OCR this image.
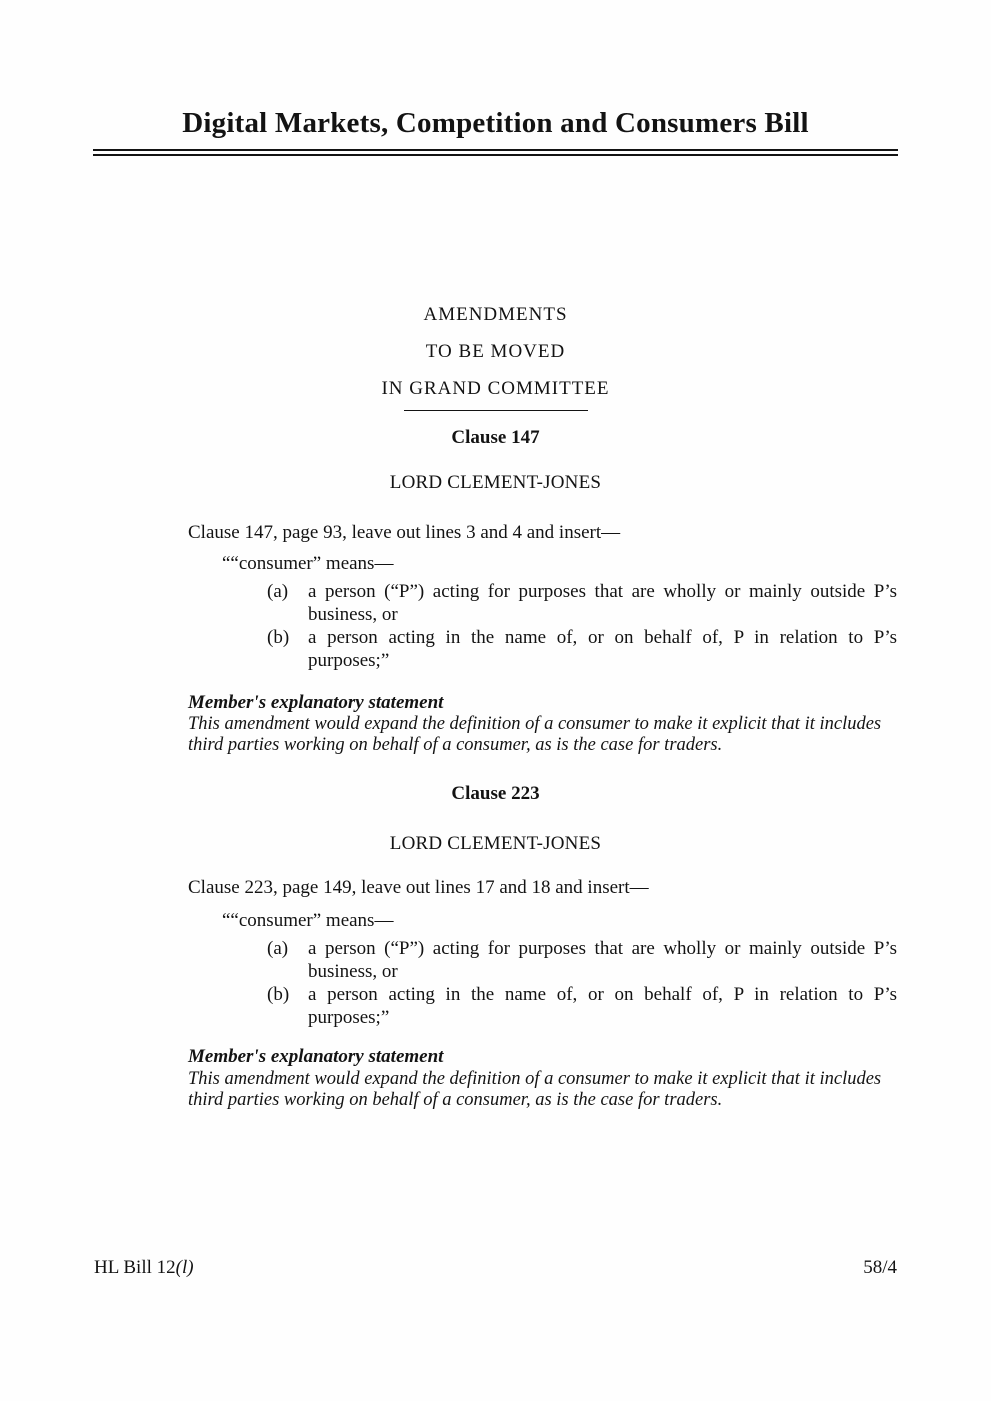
Digital Markets, Competition and Consumers Bill
AMENDMENTS
TO BE MOVED
IN GRAND COMMITTEE
Clause 147
LORD CLEMENT-JONES
Clause 147, page 93, leave out lines 3 and 4 and insert—
““consumer” means—
(a)	a person (“P”) acting for purposes that are wholly or mainly outside P’s
business, or
(b) a person acting in the name of, or on behalf of, P in relation to P’s
purposes;”
Member's explanatory statement
This amendment would expand the definition of a consumer to make it explicit that it includes
third parties working on behalf of a consumer, as is the case for traders.
Clause 223
LORD CLEMENT-JONES
Clause 223, page 149, leave out lines 17 and 18 and insert—
““consumer” means—
(a)	a person (“P”) acting for purposes that are wholly or mainly outside P’s
business, or
(b) a person acting in the name of, or on behalf of, P in relation to P’s
purposes;”
Member's explanatory statement
This amendment would expand the definition of a consumer to make it explicit that it includes
third parties working on behalf of a consumer, as is the case for traders.
HL Bill 12(l)	58/4
